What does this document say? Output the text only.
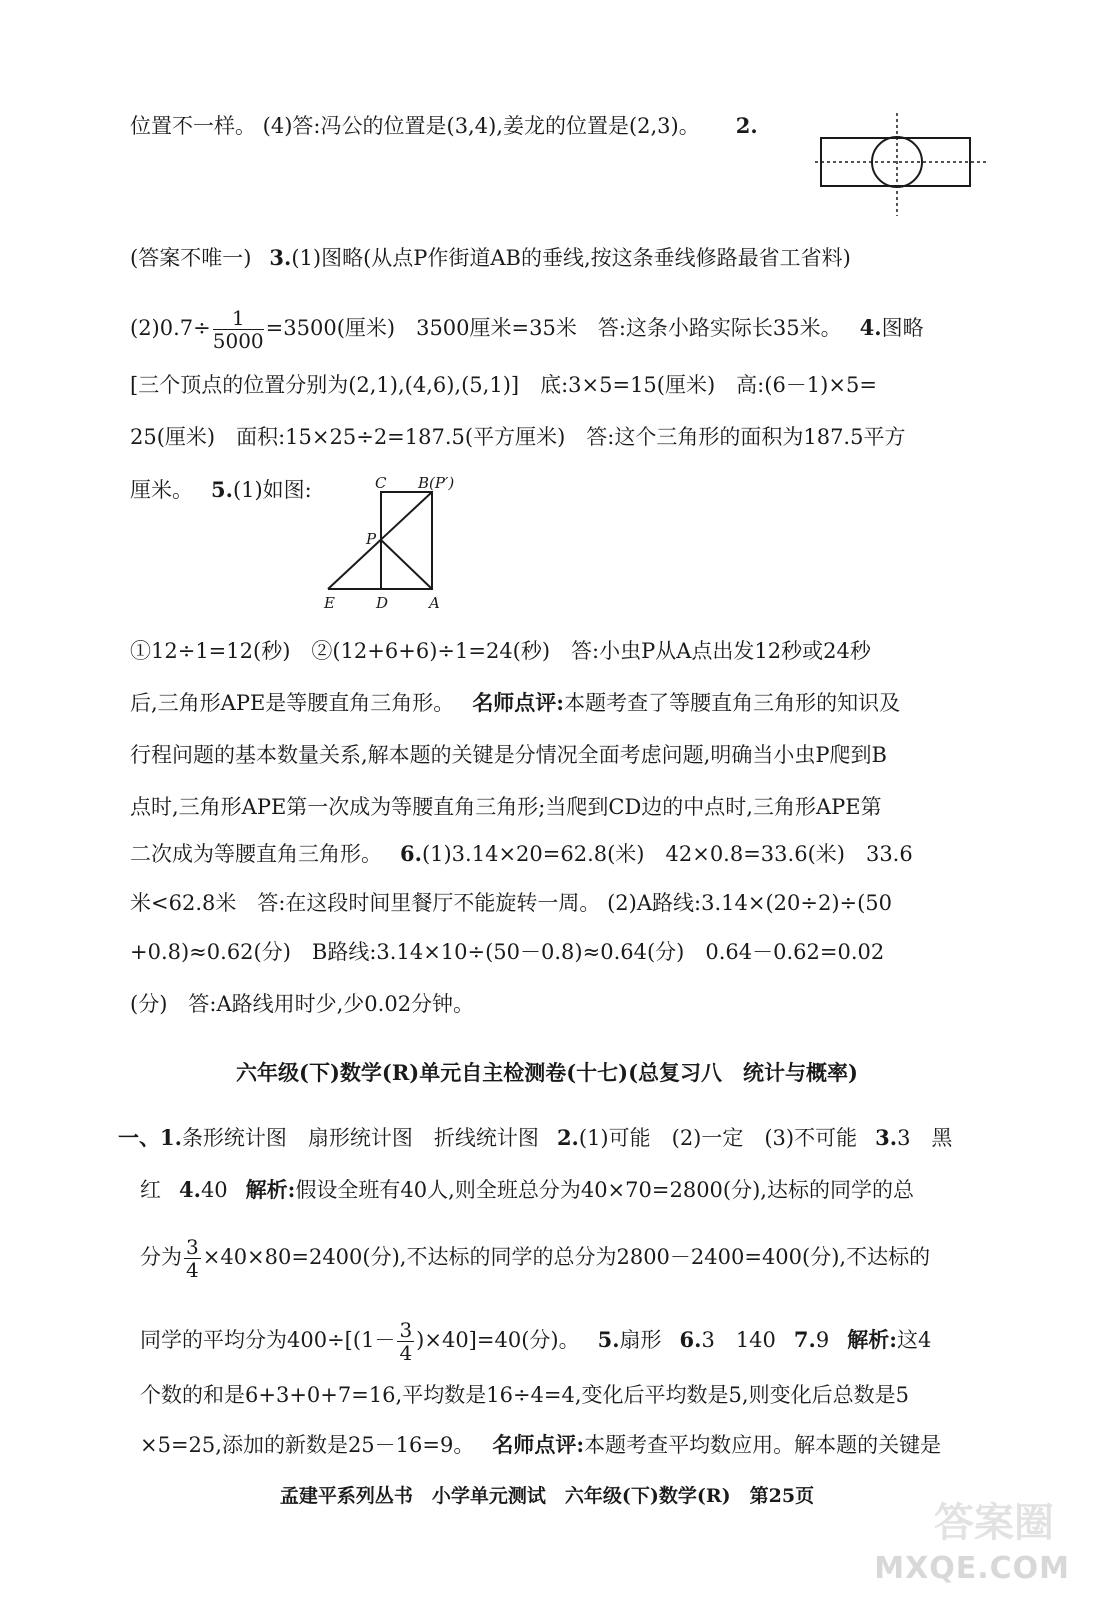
位置不一样。 (4)答:冯公的位置是(3,4),姜龙的位置是(2,3)。 2.
(答案不唯一) 3.(1)图略(从点P作街道AB的垂线,按这条垂线修路最省工省料)
$(2)0.7\div \frac{1}{5000} =3500$(厘米)　3500厘米=35米　答:这条小路实际长35米。 4.图略
[三个顶点的位置分别为(2,1),(4,6),(5,1)]　底:3×5=15(厘米)　高:(6－1)×5=
25(厘米)　面积:15×25÷2=187.5(平方厘米)　答:这个三角形的面积为187.5平方
厘米。 5.(1)如图:	C B(P′)
P
E	D	A
①12÷1=12(秒)　②(12+6+6)÷1=24(秒)　答:小虫P从A点出发12秒或24秒
后,三角形APE是等腰直角三角形。 名师点评:本题考查了等腰直角三角形的知识及
行程问题的基本数量关系,解本题的关键是分情况全面考虑问题,明确当小虫P爬到B
点时,三角形APE第一次成为等腰直角三角形;当爬到CD边的中点时,三角形APE第
二次成为等腰直角三角形。 6.(1)3.14×20=62.8(米)　42×0.8=33.6(米)　33.6
米<62.8米　答:在这段时间里餐厅不能旋转一周。 (2)A路线:3.14×(20÷2)÷(50
+0.8)≈0.62(分)　B路线:3.14×10÷(50－0.8)≈0.64(分)　0.64－0.62=0.02
(分)　答:A路线用时少,少0.02分钟。
六年级(下)数学(R)单元自主检测卷(十七)(总复习八　统计与概率)
一、1.条形统计图　扇形统计图　折线统计图 2.(1)可能　(2)一定　(3)不可能 3.3　黑
红 4.40 解析:假设全班有40人,则全班总分为40×70=2800(分),达标的同学的总
分为 $\frac{3}{4} \times 40\times 80=2400$(分),不达标的同学的总分为2800－2400=400(分),不达标的
同学的平均分为$400\div[(1- \frac{3}{4} )\times 40]=40$(分)。 5.扇形 6.3　140 7.9 解析:这4
个数的和是6+3+0+7=16,平均数是16÷4=4,变化后平均数是5,则变化后总数是5
×5=25,添加的新数是25－16=9。 名师点评:本题考查平均数应用。解本题的关键是
孟建平系列丛书　小学单元测试　六年级(下)数学(R)　第25页
答案圈
MXQE.COM
